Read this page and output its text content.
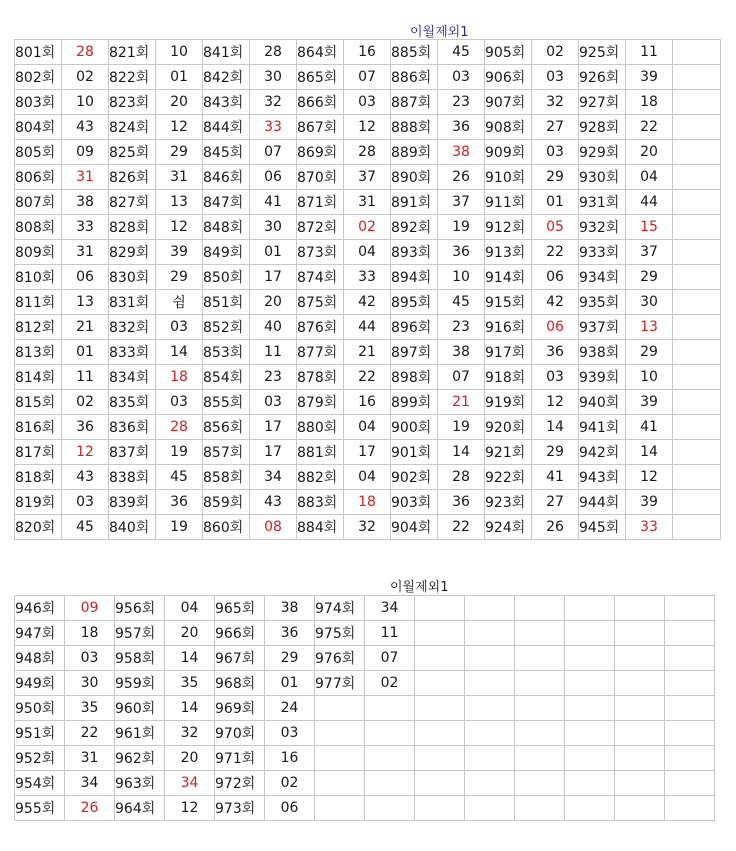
이월제외1
801회	28	821회	10	841회	28	864회	16	885회	45	905회	02	925회	11	
802회	02	822회	01	842회	30	865회	07	886회	03	906회	03	926회	39	
803회	10	823회	20	843회	32	866회	03	887회	23	907회	32	927회	18	
804회	43	824회	12	844회	33	867회	12	888회	36	908회	27	928회	22	
805회	09	825회	29	845회	07	869회	28	889회	38	909회	03	929회	20	
806회	31	826회	31	846회	06	870회	37	890회	26	910회	29	930회	04	
807회	38	827회	13	847회	41	871회	31	891회	37	911회	01	931회	44	
808회	33	828회	12	848회	30	872회	02	892회	19	912회	05	932회	15	
809회	31	829회	39	849회	01	873회	04	893회	36	913회	22	933회	37	
810회	06	830회	29	850회	17	874회	33	894회	10	914회	06	934회	29	
811회	13	831회	쉼	851회	20	875회	42	895회	45	915회	42	935회	30	
812회	21	832회	03	852회	40	876회	44	896회	23	916회	06	937회	13	
813회	01	833회	14	853회	11	877회	21	897회	38	917회	36	938회	29	
814회	11	834회	18	854회	23	878회	22	898회	07	918회	03	939회	10	
815회	02	835회	03	855회	03	879회	16	899회	21	919회	12	940회	39	
816회	36	836회	28	856회	17	880회	04	900회	19	920회	14	941회	41	
817회	12	837회	19	857회	17	881회	17	901회	14	921회	29	942회	14	
818회	43	838회	45	858회	34	882회	04	902회	28	922회	41	943회	12	
819회	03	839회	36	859회	43	883회	18	903회	36	923회	27	944회	39	
820회	45	840회	19	860회	08	884회	32	904회	22	924회	26	945회	33	
이월제외1
946회	09	956회	04	965회	38	974회	34						
947회	18	957회	20	966회	36	975회	11						
948회	03	958회	14	967회	29	976회	07						
949회	30	959회	35	968회	01	977회	02						
950회	35	960회	14	969회	24								
951회	22	961회	32	970회	03								
952회	31	962회	20	971회	16								
954회	34	963회	34	972회	02								
955회	26	964회	12	973회	06								
